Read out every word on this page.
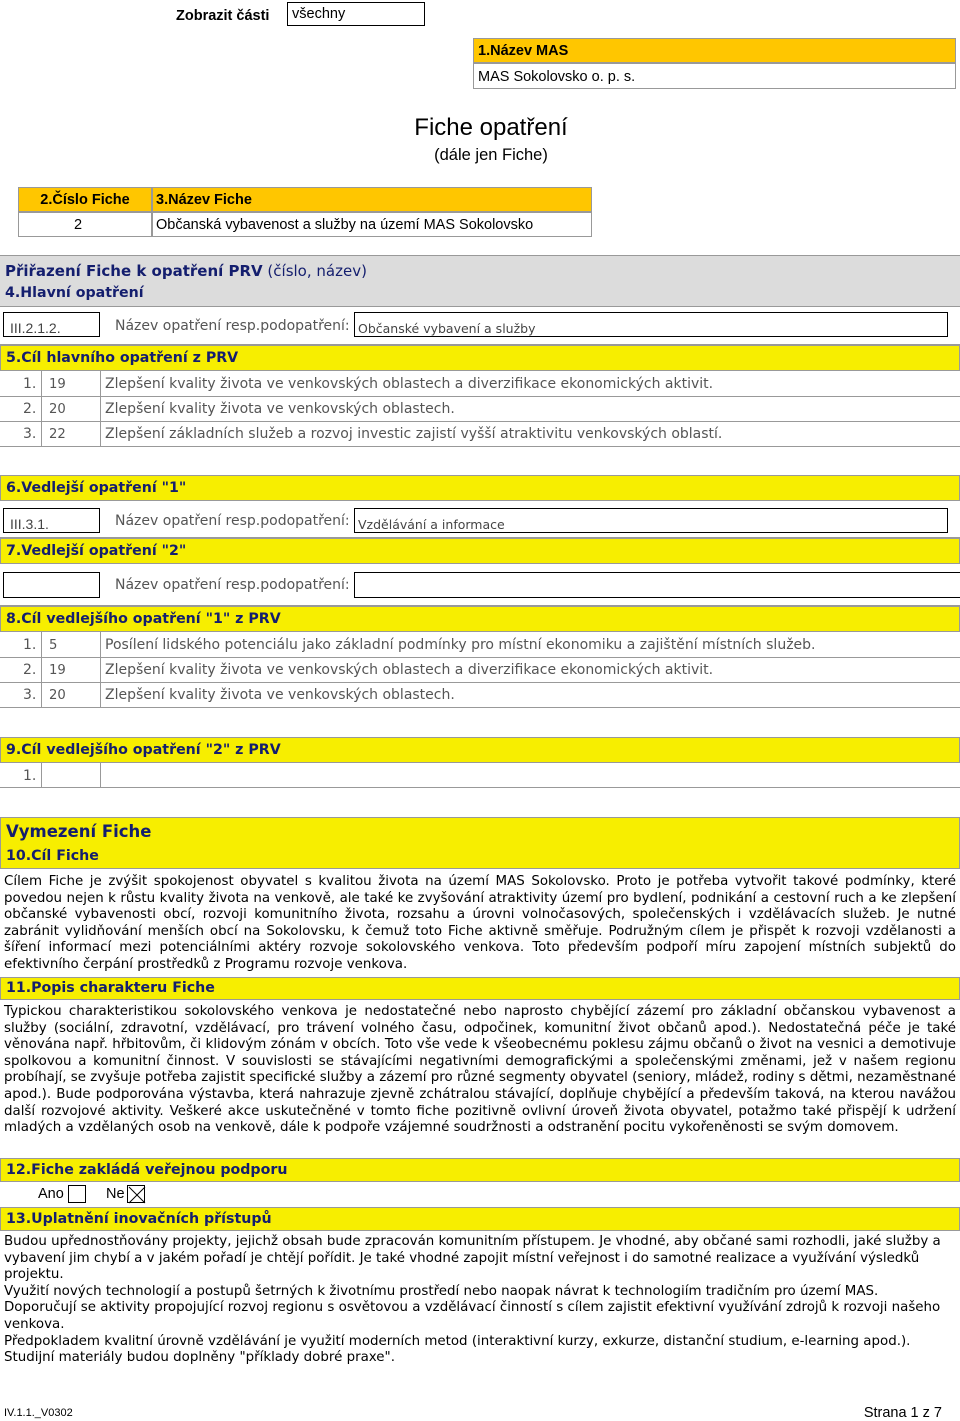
Zobrazit části	všechny
1.Název MAS
MAS Sokolovsko o. p. s.
Fiche opatření
(dále jen Fiche)
2.Číslo Fiche	3.Název Fiche
2	Občanská vybavenost a služby na území MAS Sokolovsko
Přiřazení Fiche k opatření PRV (číslo, název)
4.Hlavní opatření
III.2.1.2.	Název opatření resp.podopatření: Občanské vybavení a služby
5.Cíl hlavního opatření z PRV
1. 19	Zlepšení kvality života ve venkovských oblastech a diverzifikace ekonomických aktivit.
2. 20	Zlepšení kvality života ve venkovských oblastech.
3. 22	Zlepšení základních služeb a rozvoj investic zajistí vyšší atraktivitu venkovských oblastí.
6.Vedlejší opatření "1"
III.3.1.	Název opatření resp.podopatření: Vzdělávání a informace
7.Vedlejší opatření "2"
Název opatření resp.podopatření:
8.Cíl vedlejšího opatření "1" z PRV
1. 5	Posílení lidského potenciálu jako základní podmínky pro místní ekonomiku a zajištění místních služeb.
2. 19	Zlepšení kvality života ve venkovských oblastech a diverzifikace ekonomických aktivit.
3. 20	Zlepšení kvality života ve venkovských oblastech.
9.Cíl vedlejšího opatření "2" z PRV
1.
Vymezení Fiche
10.Cíl Fiche
Cílem Fiche je zvýšit spokojenost obyvatel s kvalitou života na území MAS Sokolovsko. Proto je potřeba vytvořit takové podmínky, které povedou nejen k růstu kvality života na venkově, ale také ke zvyšování atraktivity území pro bydlení, podnikání a cestovní ruch a ke zlepšení občanské vybavenosti obcí, rozvoji komunitního života, rozsahu a úrovni volnočasových, společenských i vzdělávacích služeb. Je nutné zabránit vylidňování menších obcí na Sokolovsku, k čemuž toto Fiche aktivně směřuje. Podružným cílem je přispět k rozvoji vzdělanosti a šíření informací mezi potenciálními aktéry rozvoje sokolovského venkova. Toto především podpoří míru zapojení místních subjektů do efektivního čerpání prostředků z Programu rozvoje venkova.
11.Popis charakteru Fiche
Typickou charakteristikou sokolovského venkova je nedostatečné nebo naprosto chybějící zázemí pro základní občanskou vybavenost a služby (sociální, zdravotní, vzdělávací, pro trávení volného času, odpočinek, komunitní život občanů apod.). Nedostatečná péče je také věnována např. hřbitovům, či klidovým zónám v obcích. Toto vše vede k všeobecnému poklesu zájmu občanů o život na vesnici a demotivuje spolkovou a komunitní činnost. V souvislosti se stávajícími negativními demografickými a společenskými změnami, jež v našem regionu probíhají, se zvyšuje potřeba zajistit specifické služby a zázemí pro různé segmenty obyvatel (seniory, mládež, rodiny s dětmi, nezaměstnané apod.). Bude podporována výstavba, která nahrazuje zjevně zchátralou stávající, doplňuje chybějící a především taková, na kterou navážou další rozvojové aktivity. Veškeré akce uskutečněné v tomto fiche pozitivně ovlivní úroveň života obyvatel, potažmo také přispějí k udržení mladých a vzdělaných osob na venkově, dále k podpoře vzájemné soudržnosti a odstranění pocitu vykořeněnosti se svým domovem.
12.Fiche zakládá veřejnou podporu
Ano	Ne
13.Uplatnění inovačních přístupů

Budou upřednostňovány projekty, jejichž obsah bude zpracován komunitním přístupem. Je vhodné, aby občané sami rozhodli, jaké služby a vybavení jim chybí a v jakém pořadí je chtějí pořídit. Je také vhodné zapojit místní veřejnost i do samotné realizace a využívání výsledků projektu.

Využití nových technologií a postupů šetrných k životnímu prostředí nebo naopak návrat k technologiím tradičním pro území MAS.

Doporučují se aktivity propojující rozvoj regionu s osvětovou a vzdělávací činností s cílem zajistit efektivní využívání zdrojů k rozvoji našeho venkova.

Předpokladem kvalitní úrovně vzdělávání je využití moderních metod (interaktivní kurzy, exkurze, distanční studium, e-learning apod.). Studijní materiály budou doplněny "příklady dobré praxe".

IV.1.1._V0302	Strana 1 z 7
